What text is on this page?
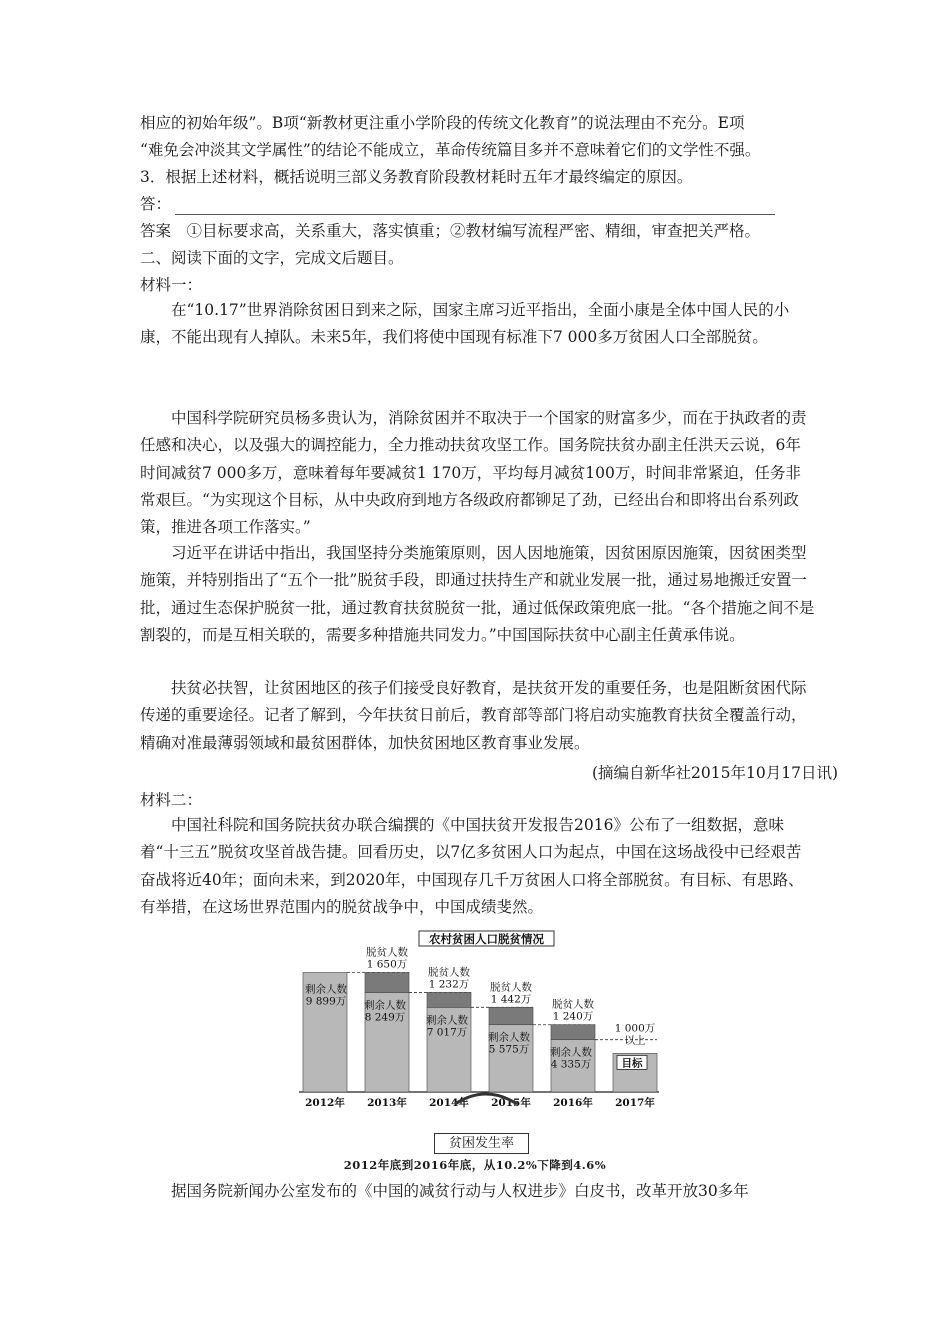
相应的初始年级”。B项“新教材更注重小学阶段的传统文化教育”的说法理由不充分。E项
“难免会冲淡其文学属性”的结论不能成立，革命传统篇目多并不意味着它们的文学性不强。
3．根据上述材料，概括说明三部义务教育阶段教材耗时五年才最终编定的原因。
答：
答案　①目标要求高，关系重大，落实慎重；②教材编写流程严密、精细，审查把关严格。
二、阅读下面的文字，完成文后题目。
材料一：
在“10.17”世界消除贫困日到来之际，国家主席习近平指出，全面小康是全体中国人民的小康，不能出现有人掉队。未来5年，我们将使中国现有标准下7 000多万贫困人口全部脱贫。
中国科学院研究员杨多贵认为，消除贫困并不取决于一个国家的财富多少，而在于执政者的责任感和决心，以及强大的调控能力，全力推动扶贫攻坚工作。国务院扶贫办副主任洪天云说，6年时间减贫7 000多万，意味着每年要减贫1 170万，平均每月减贫100万，时间非常紧迫，任务非常艰巨。“为实现这个目标，从中央政府到地方各级政府都铆足了劲，已经出台和即将出台系列政策，推进各项工作落实。”
习近平在讲话中指出，我国坚持分类施策原则，因人因地施策，因贫困原因施策，因贫困类型施策，并特别指出了“五个一批”脱贫手段，即通过扶持生产和就业发展一批，通过易地搬迁安置一批，通过生态保护脱贫一批，通过教育扶贫脱贫一批，通过低保政策兜底一批。“各个措施之间不是割裂的，而是互相关联的，需要多种措施共同发力。”中国国际扶贫中心副主任黄承伟说。
扶贫必扶智，让贫困地区的孩子们接受良好教育，是扶贫开发的重要任务，也是阻断贫困代际传递的重要途径。记者了解到，今年扶贫日前后，教育部等部门将启动实施教育扶贫全覆盖行动，精确对准最薄弱领域和最贫困群体，加快贫困地区教育事业发展。
(摘编自新华社2015年10月17日讯)
材料二：
中国社科院和国务院扶贫办联合编撰的《中国扶贫开发报告2016》公布了一组数据，意味着“十三五”脱贫攻坚首战告捷。回看历史，以7亿多贫困人口为起点，中国在这场战役中已经艰苦奋战将近40年；面向未来，到2020年，中国现存几千万贫困人口将全部脱贫。有目标、有思路、有举措，在这场世界范围内的脱贫战争中，中国成绩斐然。
农村贫困人口脱贫情况
剩余人数 9 899万
2012年
脱贫人数 1 650万
剩余人数 8 249万
2013年
脱贫人数 1 232万
剩余人数 7 017万
2014年
脱贫人数 1 442万
剩余人数 5 575万
2015年
脱贫人数 1 240万
剩余人数 4 335万
2016年
目标
1 000万以上
2017年
贫困发生率
2012年底到2016年底，从10.2%下降到4.6%
据国务院新闻办公室发布的《中国的减贫行动与人权进步》白皮书，改革开放30多年
